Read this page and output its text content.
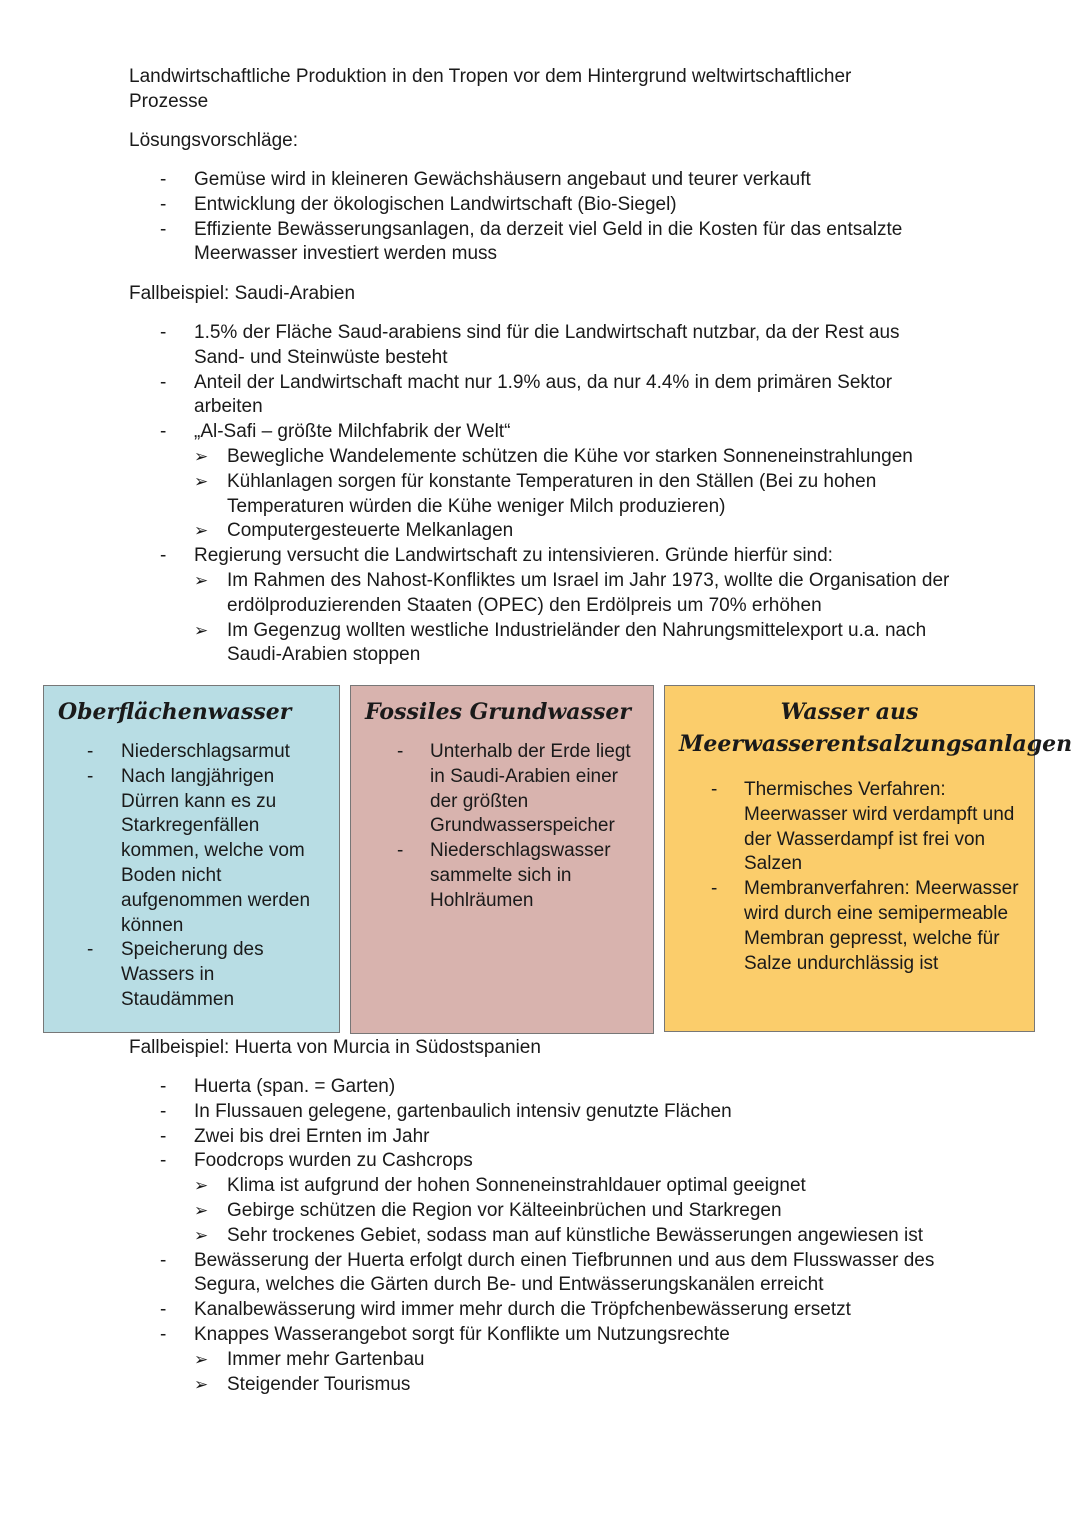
Landwirtschaftliche Produktion in den Tropen vor dem Hintergrund weltwirtschaftlicher Prozesse

Lösungsvorschläge:

- Gemüse wird in kleineren Gewächshäusern angebaut und teurer verkauft
- Entwicklung der ökologischen Landwirtschaft (Bio-Siegel)
- Effiziente Bewässerungsanlagen, da derzeit viel Geld in die Kosten für das entsalzte Meerwasser investiert werden muss

Fallbeispiel: Saudi-Arabien

- 1.5% der Fläche Saud-arabiens sind für die Landwirtschaft nutzbar, da der Rest aus Sand- und Steinwüste besteht
- Anteil der Landwirtschaft macht nur 1.9% aus, da nur 4.4% in dem primären Sektor arbeiten
- „Al-Safi – größte Milchfabrik der Welt“
➢ Bewegliche Wandelemente schützen die Kühe vor starken Sonneneinstrahlungen
➢ Kühlanlagen sorgen für konstante Temperaturen in den Ställen (Bei zu hohen Temperaturen würden die Kühe weniger Milch produzieren)
➢ Computergesteuerte Melkanlagen
- Regierung versucht die Landwirtschaft zu intensivieren. Gründe hierfür sind:
➢ Im Rahmen des Nahost-Konfliktes um Israel im Jahr 1973, wollte die Organisation der erdölproduzierenden Staaten (OPEC) den Erdölpreis um 70% erhöhen
➢ Im Gegenzug wollten westliche Industrieländer den Nahrungsmittelexport u.a. nach Saudi-Arabien stoppen
Oberflächenwasser
- Niederschlagsarmut
- Nach langjährigen Dürren kann es zu Starkregenfällen kommen, welche vom Boden nicht aufgenommen werden können
- Speicherung des Wassers in Staudämmen
Fossiles Grundwasser
- Unterhalb der Erde liegt in Saudi-Arabien einer der größten Grundwasserspeicher
- Niederschlagswasser sammelte sich in Hohlräumen
Wasser aus
Meerwasserentsalzungsanlagen
- Thermisches Verfahren: Meerwasser wird verdampft und der Wasserdampf ist frei von Salzen
- Membranverfahren: Meerwasser wird durch eine semipermeable Membran gepresst, welche für Salze undurchlässig ist

Fallbeispiel: Huerta von Murcia in Südostspanien

- Huerta (span. = Garten)
- In Flussauen gelegene, gartenbaulich intensiv genutzte Flächen
- Zwei bis drei Ernten im Jahr
- Foodcrops wurden zu Cashcrops
➢ Klima ist aufgrund der hohen Sonneneinstrahldauer optimal geeignet
➢ Gebirge schützen die Region vor Kälteeinbrüchen und Starkregen
➢ Sehr trockenes Gebiet, sodass man auf künstliche Bewässerungen angewiesen ist
- Bewässerung der Huerta erfolgt durch einen Tiefbrunnen und aus dem Flusswasser des Segura, welches die Gärten durch Be- und Entwässerungskanälen erreicht
- Kanalbewässerung wird immer mehr durch die Tröpfchenbewässerung ersetzt
- Knappes Wasserangebot sorgt für Konflikte um Nutzungsrechte
➢ Immer mehr Gartenbau
➢ Steigender Tourismus
